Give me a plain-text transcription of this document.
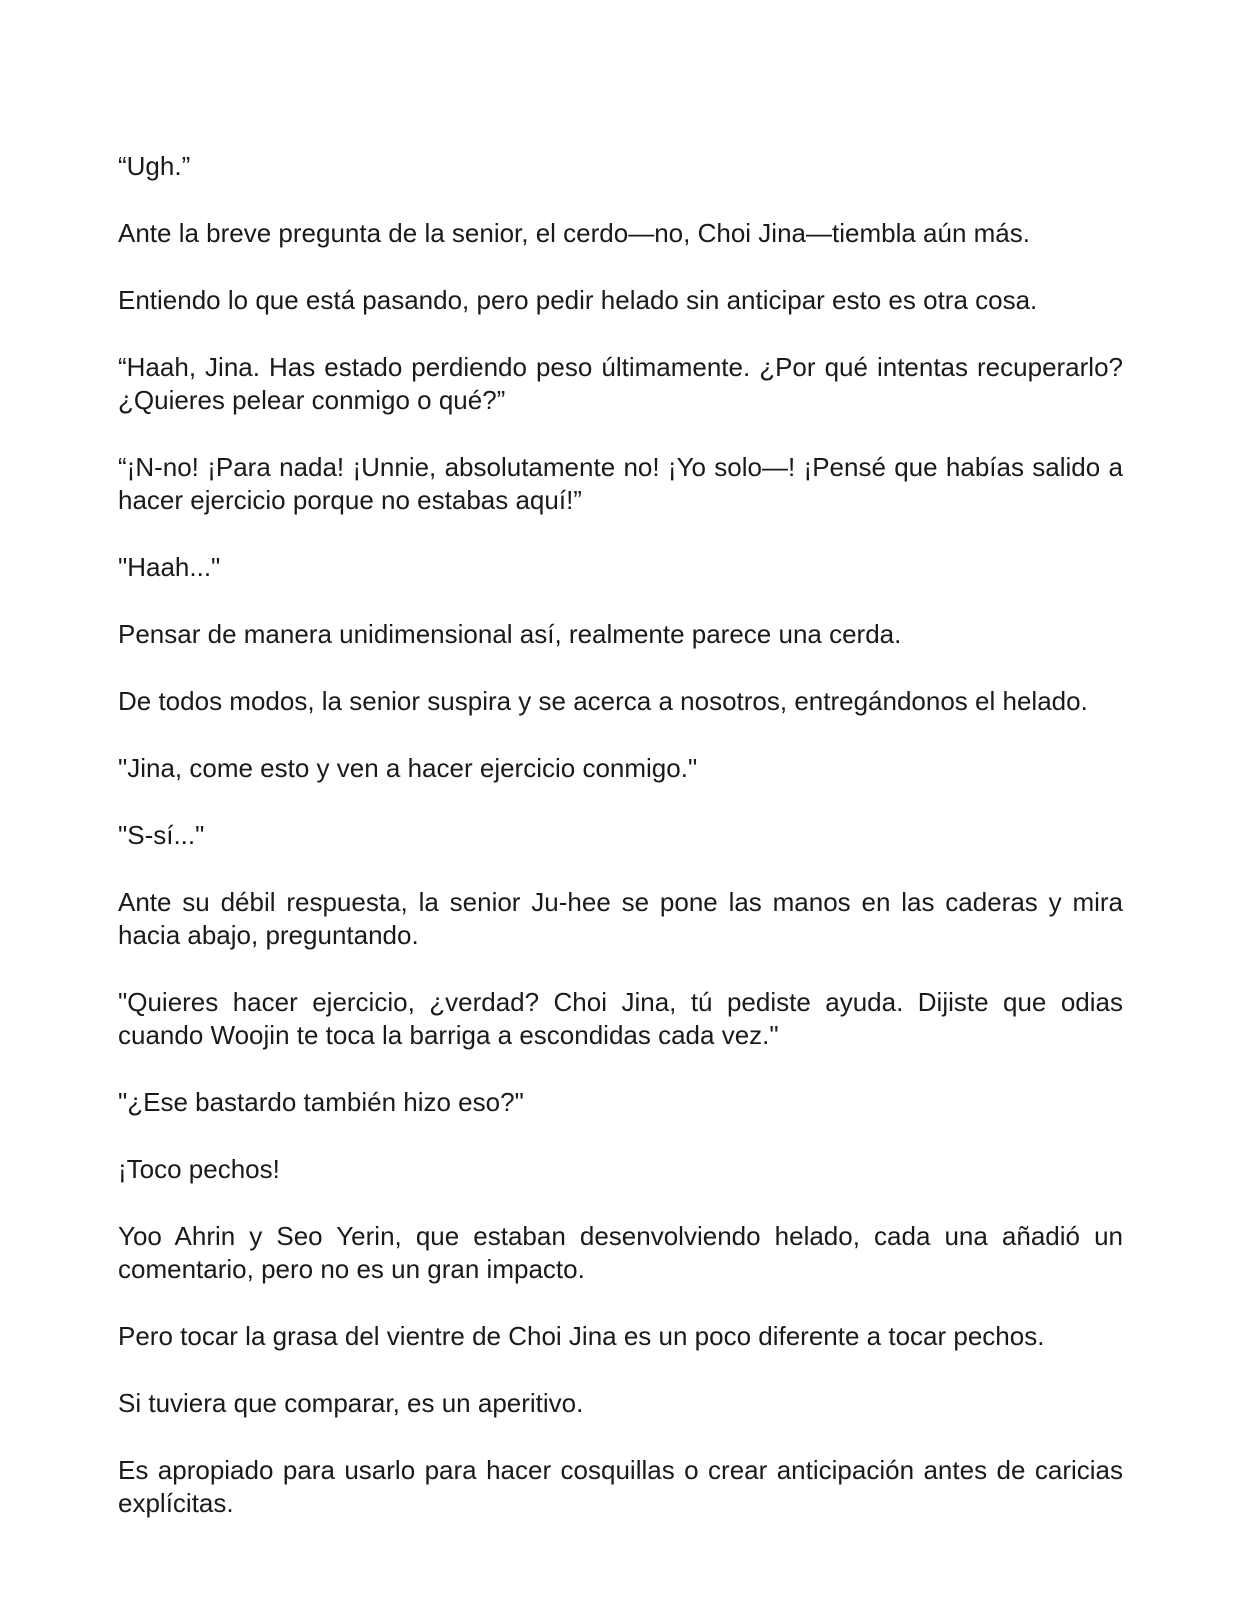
“Ugh.”

Ante la breve pregunta de la senior, el cerdo—no, Choi Jina—tiembla aún más.

Entiendo lo que está pasando, pero pedir helado sin anticipar esto es otra cosa.

“Haah, Jina. Has estado perdiendo peso últimamente. ¿Por qué intentas recuperarlo? ¿Quieres pelear conmigo o qué?”

“¡N-no! ¡Para nada! ¡Unnie, absolutamente no! ¡Yo solo—! ¡Pensé que habías salido a hacer ejercicio porque no estabas aquí!”

"Haah..."

Pensar de manera unidimensional así, realmente parece una cerda.

De todos modos, la senior suspira y se acerca a nosotros, entregándonos el helado.

"Jina, come esto y ven a hacer ejercicio conmigo."

"S-sí..."

Ante su débil respuesta, la senior Ju-hee se pone las manos en las caderas y mira hacia abajo, preguntando.

"Quieres hacer ejercicio, ¿verdad? Choi Jina, tú pediste ayuda. Dijiste que odias cuando Woojin te toca la barriga a escondidas cada vez."

"¿Ese bastardo también hizo eso?"

¡Toco pechos!

Yoo Ahrin y Seo Yerin, que estaban desenvolviendo helado, cada una añadió un comentario, pero no es un gran impacto.

Pero tocar la grasa del vientre de Choi Jina es un poco diferente a tocar pechos.

Si tuviera que comparar, es un aperitivo.

Es apropiado para usarlo para hacer cosquillas o crear anticipación antes de caricias explícitas.
